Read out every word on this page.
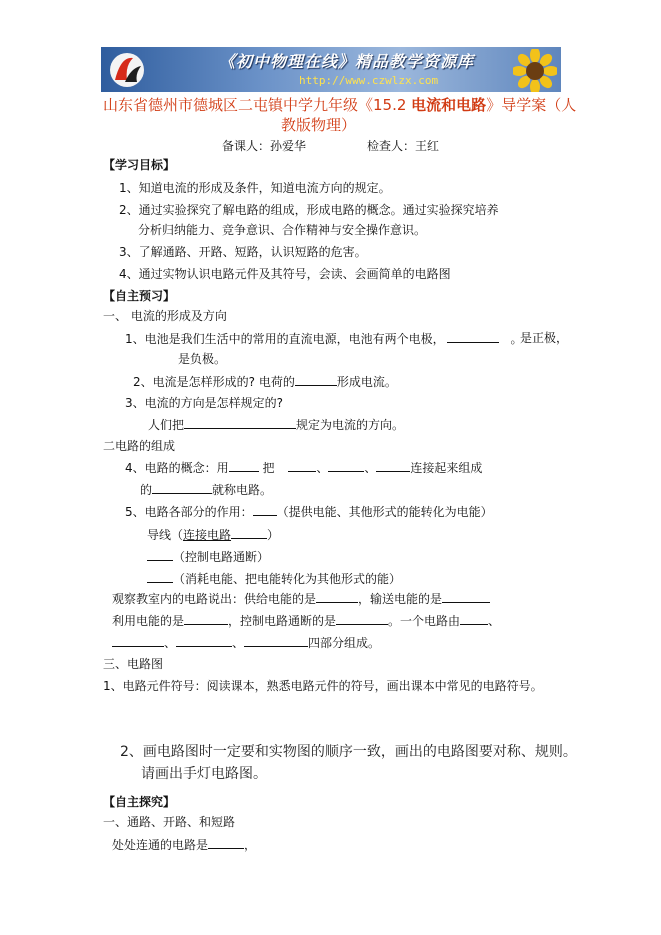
《初中物理在线》精品教学资源库
http://www.czwlzx.com
山东省德州市德城区二屯镇中学九年级《15.2 电流和电路》导学案（人
教版物理）
备课人：孙爱华	检查人：王红
【学习目标】
1、知道电流的形成及条件，知道电流方向的规定。
2、通过实验探究了解电路的组成，形成电路的概念。通过实验探究培养
分析归纳能力、竞争意识、合作精神与安全操作意识。
3、了解通路、开路、短路，认识短路的危害。
4、通过实物认识电路元件及其符号，会读、会画简单的电路图
【自主预习】
一、 电流的形成及方向
1、电池是我们生活中的常用的直流电源，电池有两个电极，	。
是正极，
是负极。
2、电流是怎样形成的? 电荷的	形成电流。
3、电流的方向是怎样规定的?
人们把	规定为电流的方向。
二电路的组成
4、电路的概念：用	把	、	、	连接起来组成
的	就称电路。
5、电路各部分的作用： （提供电能、其他形式的能转化为电能）
导线（连接电路	）
（控制电路通断）
（消耗电能、把电能转化为其他形式的能）
观察教室内的电路说出：供给电能的是	，输送电能的是
利用电能的是	，控制电路通断的是	。一个电路由 、
、	、	四部分组成。
三、电路图
1、电路元件符号：阅读课本，熟悉电路元件的符号，画出课本中常见的电路符号。
2、画电路图时一定要和实物图的顺序一致，画出的电路图要对称、规则。
请画出手灯电路图。
【自主探究】
一、通路、开路、和短路
处处连通的电路是	，
